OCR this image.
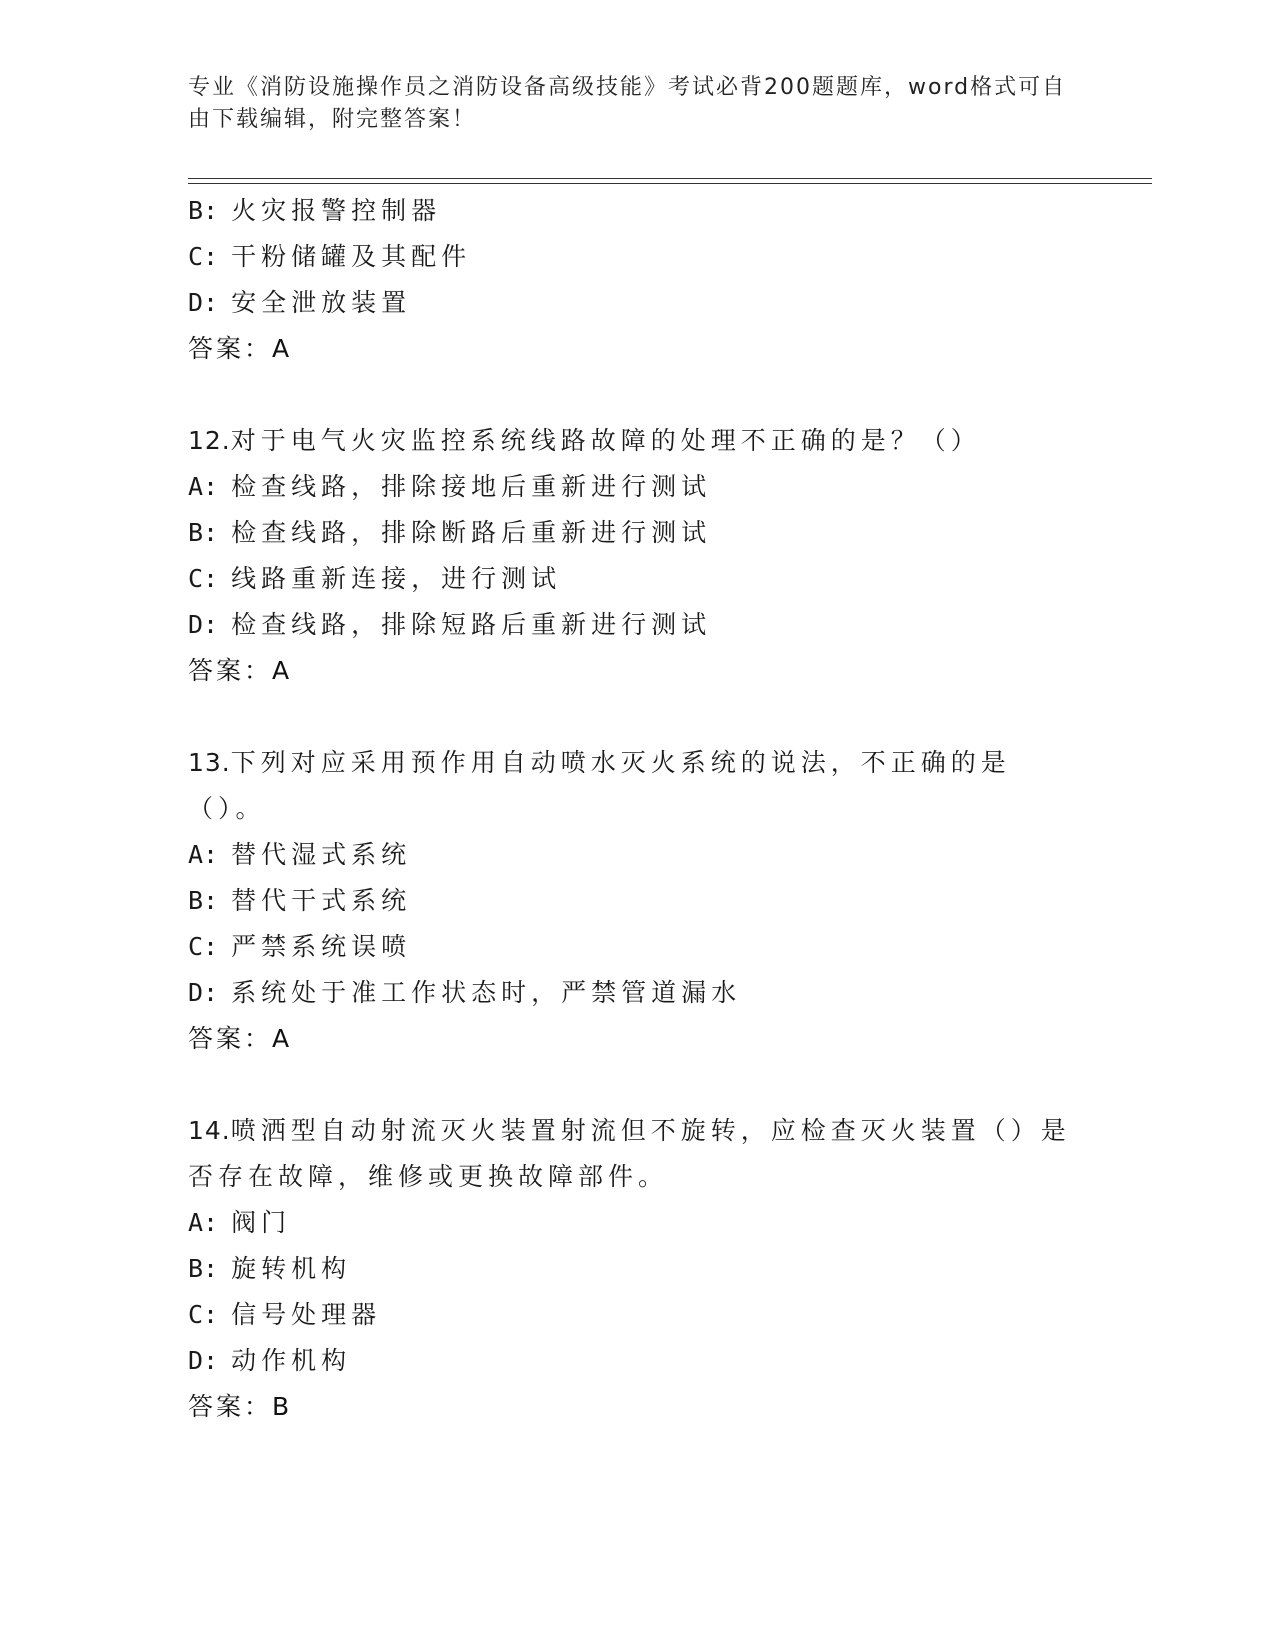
专业《消防设施操作员之消防设备高级技能》考试必背200题题库，word格式可自由下载编辑，附完整答案！
B: 火灾报警控制器
C: 干粉储罐及其配件
D: 安全泄放装置
答案：A
12.对于电气火灾监控系统线路故障的处理不正确的是？（）
A: 检查线路，排除接地后重新进行测试
B: 检查线路，排除断路后重新进行测试
C: 线路重新连接，进行测试
D: 检查线路，排除短路后重新进行测试
答案：A
13.下列对应采用预作用自动喷水灭火系统的说法，不正确的是（）。
A: 替代湿式系统
B: 替代干式系统
C: 严禁系统误喷
D: 系统处于准工作状态时，严禁管道漏水
答案：A
14.喷洒型自动射流灭火装置射流但不旋转，应检查灭火装置（）是否存在故障，维修或更换故障部件。
A: 阀门
B: 旋转机构
C: 信号处理器
D: 动作机构
答案：B
